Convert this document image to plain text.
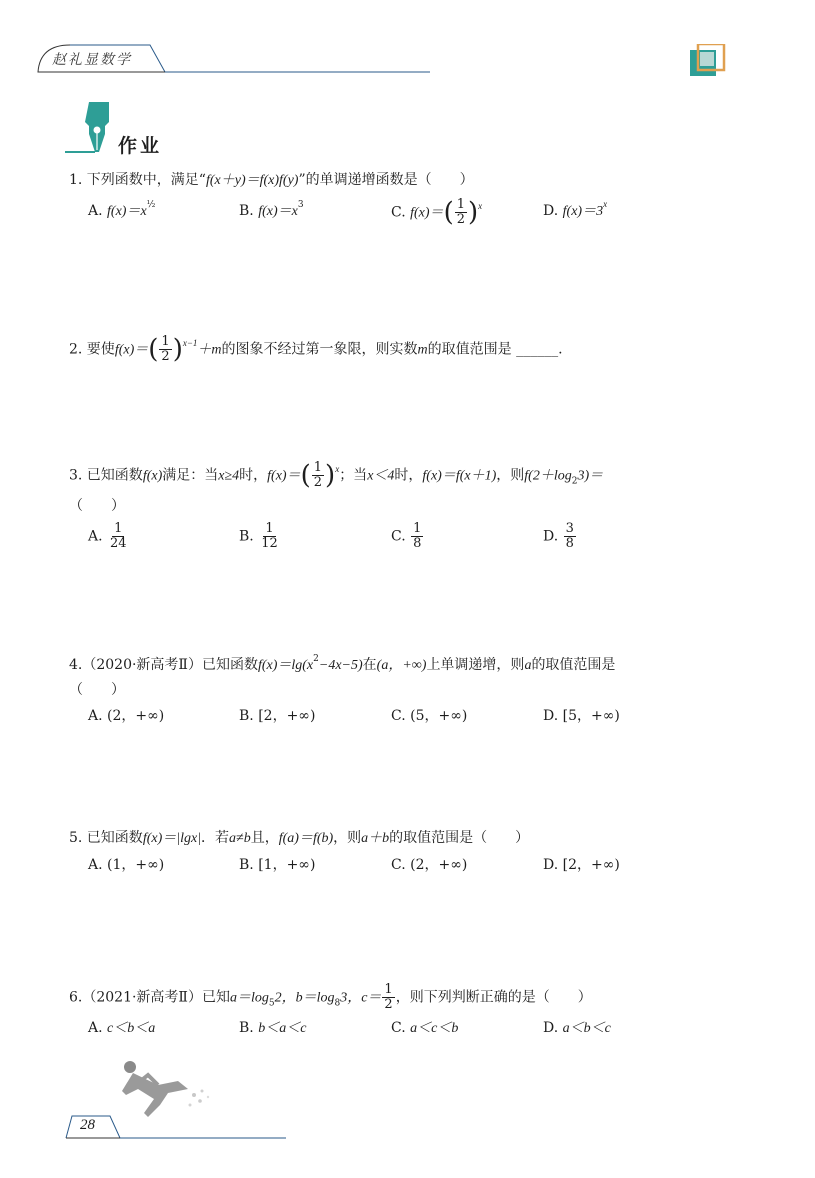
赵礼显数学
作业
1. 下列函数中，满足“f(x＋y)＝f(x)f(y)”的单调递增函数是（　　）
A. $f(x)=x^{\frac{1}{2}}$	B. $f(x)=x^3$	C. $f(x)=( \frac{1}{2} )^x$	D. $f(x)=3^x$
2. 要使$f(x)=( \frac{1}{2} )^{x-1}+m$的图象不经过第一象限，则实数m的取值范围是 ______.
3. 已知函数f(x)满足：当x≥4时，$f(x)=( \frac{1}{2} )^x$；当x＜4时，f(x)＝f(x＋1)，则$f(2+\log_23)=$
（　　）
A. $\frac{1}{24}$	B. $\frac{1}{12}$	C. $\frac{1}{8}$	D. $\frac{3}{8}$
4.（2020·新高考Ⅱ）已知函数$f(x)=\lg(x^2-4x-5)$在(a，+∞)上单调递增，则a的取值范围是
（　　）
A. (2，+∞)	B. [2，+∞)	C. (5，+∞)	D. [5，+∞)
5. 已知函数f(x)＝|lgx|．若a≠b且，f(a)＝f(b)，则a＋b的取值范围是（　　）
A. (1，+∞)	B. [1，+∞)	C. (2，+∞)	D. [2，+∞)
6.（2021·新高考Ⅱ）已知$a=\log_52$，$b=\log_83$，$c= \frac{1}{2}$ ，则下列判断正确的是（　　）
A. c＜b＜a	B. b＜a＜c	C. a＜c＜b	D. a＜b＜c
28
